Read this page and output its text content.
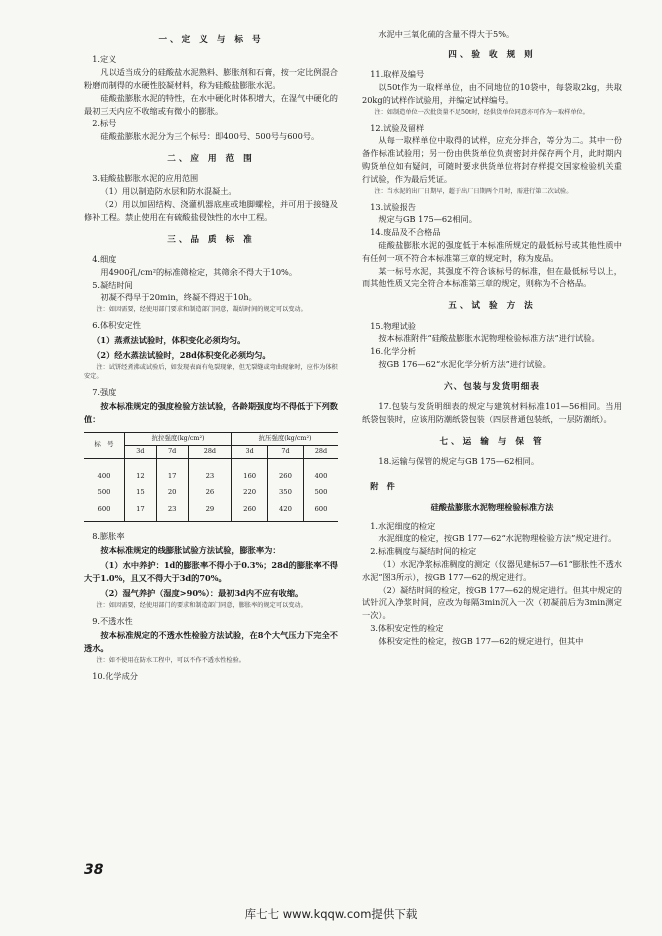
一、定 义 与 标 号

1.定义

凡以适当成分的硅酸盐水泥熟料、膨胀剂和石膏，按一定比例混合粉磨而制得的水硬性胶凝材料，称为硅酸盐膨胀水泥。

硅酸盐膨胀水泥的特性，在水中硬化时体积增大，在湿气中硬化的最初三天内应不收缩或有微小的膨胀。

2.标号

硅酸盐膨胀水泥分为三个标号：即400号、500号与600号。

二、应 用 范 围

3.硅酸盐膨胀水泥的应用范围

（1）用以制造防水层和防水混凝土。

（2）用以加固结构、浇灌机器底座或地脚螺栓，并可用于接缝及修补工程。禁止使用在有硫酸盐侵蚀性的水中工程。

三、品 质 标 准

4.细度

用4900孔/cm²的标准筛检定，其筛余不得大于10%。

5.凝结时间

初凝不得早于20min，终凝不得迟于10h。

注：如因需要，经使用部门要求和制造部门同意，凝结时间的规定可以变动。

6.体积安定性

（1）蒸煮法试验时，体积变化必须均匀。

（2）经水蒸法试验时，28d体积变化必须均匀。

注：试饼经煮沸或试验后，如发现表面有龟裂现象，但无裂缝或弯曲现象时，应作为体积安定。

7.强度

按本标准规定的强度检验方法试验，各龄期强度均不得低于下列数值：

标　号	抗拉强度(kg/cm²)			抗压强度(kg/cm²)		
	3d	7d	28d	3d	7d	28d
400	12	17	23	160	260	400
500	15	20	26	220	350	500
600	17	23	29	260	420	600

8.膨胀率

按本标准规定的线膨胀试验方法试验，膨胀率为：

（1）水中养护：1d的膨胀率不得小于0.3%；28d的膨胀率不得大于1.0%，且又不得大于3d的70%。

（2）湿气养护（湿度>90%）：最初3d内不应有收缩。

注：如因需要，经使用部门的要求和制造部门同意，膨胀率的规定可以变动。

9.不透水性

按本标准规定的不透水性检验方法试验，在8个大气压力下完全不透水。

注：如不使用在防水工程中，可以不作不透水性检验。

10.化学成分

水泥中三氧化硫的含量不得大于5%。

四、验 收 规 则

11.取样及编号

以50t作为一取样单位，由不同地位的10袋中，每袋取2kg，共取20kg的试样作试验用，并编定试样编号。

注：如制造单位一次批货量不足50t时，经供货单位同意亦可作为一取样单位。

12.试验及留样

从每一取样单位中取得的试样，应充分拌合，等分为二。其中一份备作标准试验用；另一份由供货单位负责密封并保存两个月，此时期内购货单位如有疑问，可随时要求供货单位将封存样提交国家检验机关重行试验，作为最后凭证。

注：当水泥的出厂日期早，超于出厂日期两个月时，需进行第二次试验。

13.试验报告

规定与GB 175—62相同。

14.废品及不合格品

硅酸盐膨胀水泥的强度低于本标准所规定的最低标号或其他性质中有任何一项不符合本标准第三章的规定时，称为废品。

某一标号水泥，其强度不符合该标号的标准，但在最低标号以上，而其他性质又完全符合本标准第三章的规定，则称为不合格品。

五、试 验 方 法

15.物理试验

按本标准附件“硅酸盐膨胀水泥物理检验标准方法”进行试验。

16.化学分析

按GB 176—62“水泥化学分析方法”进行试验。

六、包装与发货明细表

17.包装与发货明细表的规定与建筑材料标准101—56相同。当用纸袋包装时，应该用防潮纸袋包装（四层普通包装纸，一层防潮纸）。

七、运 输 与 保 管

18.运输与保管的规定与GB 175—62相同。

附　件
硅酸盐膨胀水泥物理检验标准方法

1.水泥细度的检定

水泥细度的检定，按GB 177—62“水泥物理检验方法”规定进行。

2.标准稠度与凝结时间的检定

（1）水泥净浆标准稠度的测定（仪器见建标57—61“膨胀性不透水水泥”图3所示），按GB 177—62的规定进行。

（2）凝结时间的检定，按GB 177—62的规定进行。但其中规定的试针沉入净浆时间，应改为每隔3min沉入一次（初凝前后为3min测定一次）。

3.体积安定性的检定

体积安定性的检定，按GB 177—62的规定进行，但其中

38
库七七 www.kqqw.com提供下载
